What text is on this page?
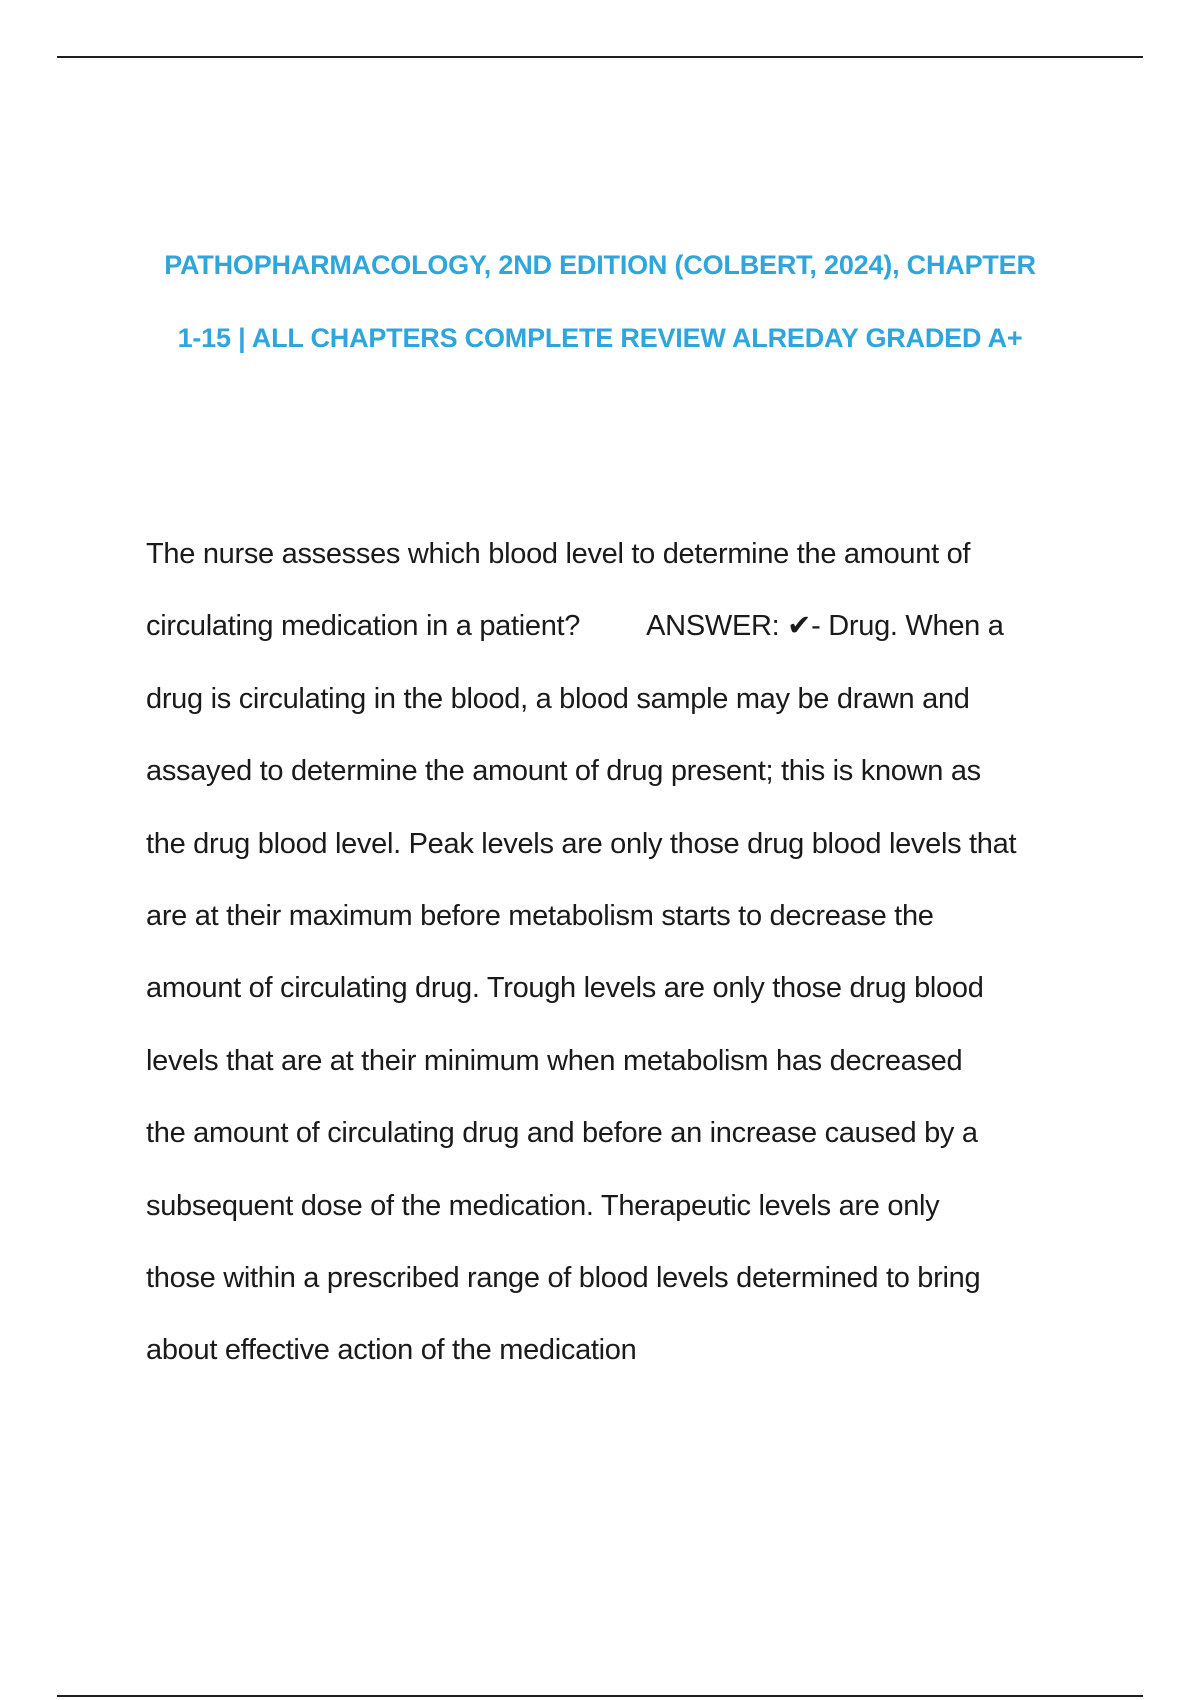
PATHOPHARMACOLOGY, 2ND EDITION (COLBERT, 2024), CHAPTER
1-15 | ALL CHAPTERS COMPLETE REVIEW ALREDAY GRADED A+
The nurse assesses which blood level to determine the amount of
circulating medication in a patient? ANSWER: ✔- Drug. When a
drug is circulating in the blood, a blood sample may be drawn and
assayed to determine the amount of drug present; this is known as
the drug blood level. Peak levels are only those drug blood levels that
are at their maximum before metabolism starts to decrease the
amount of circulating drug. Trough levels are only those drug blood
levels that are at their minimum when metabolism has decreased
the amount of circulating drug and before an increase caused by a
subsequent dose of the medication. Therapeutic levels are only
those within a prescribed range of blood levels determined to bring
about effective action of the medication
